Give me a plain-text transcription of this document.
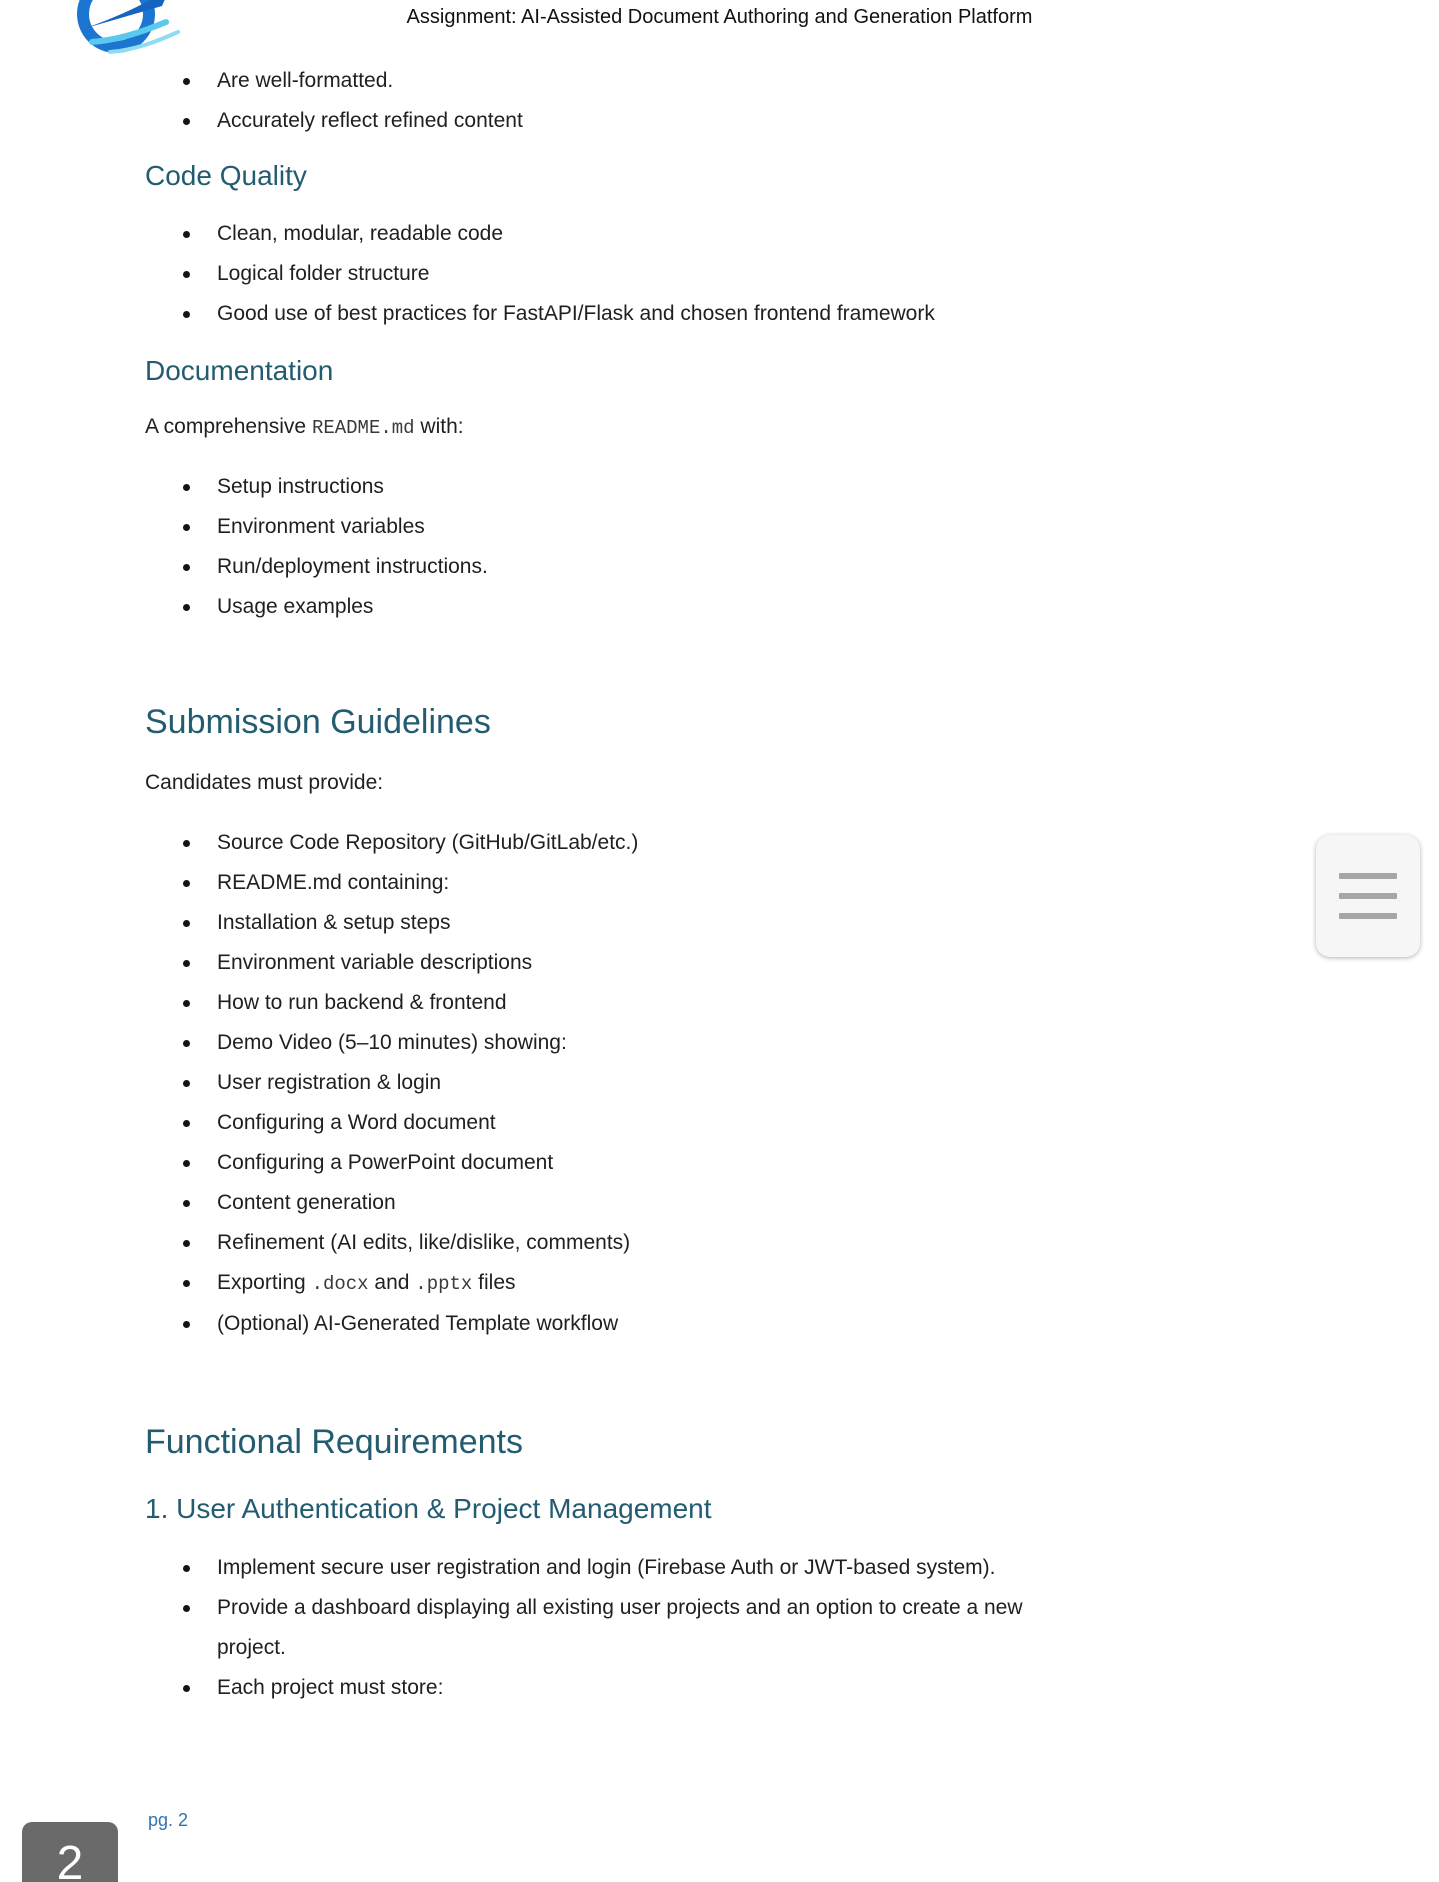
Assignment: AI-Assisted Document Authoring and Generation Platform
Are well-formatted.
Accurately reflect refined content
Code Quality
Clean, modular, readable code
Logical folder structure
Good use of best practices for FastAPI/Flask and chosen frontend framework
Documentation

A comprehensive README.md with:

Setup instructions
Environment variables
Run/deployment instructions.
Usage examples
Submission Guidelines

Candidates must provide:

Source Code Repository (GitHub/GitLab/etc.)
README.md containing:
Installation & setup steps
Environment variable descriptions
How to run backend & frontend
Demo Video (5–10 minutes) showing:
User registration & login
Configuring a Word document
Configuring a PowerPoint document
Content generation
Refinement (AI edits, like/dislike, comments)
Exporting .docx and .pptx files
(Optional) AI-Generated Template workflow
Functional Requirements
1. User Authentication & Project Management
Implement secure user registration and login (Firebase Auth or JWT-based system).
Provide a dashboard displaying all existing user projects and an option to create a new project.
Each project must store:
pg. 2
2
